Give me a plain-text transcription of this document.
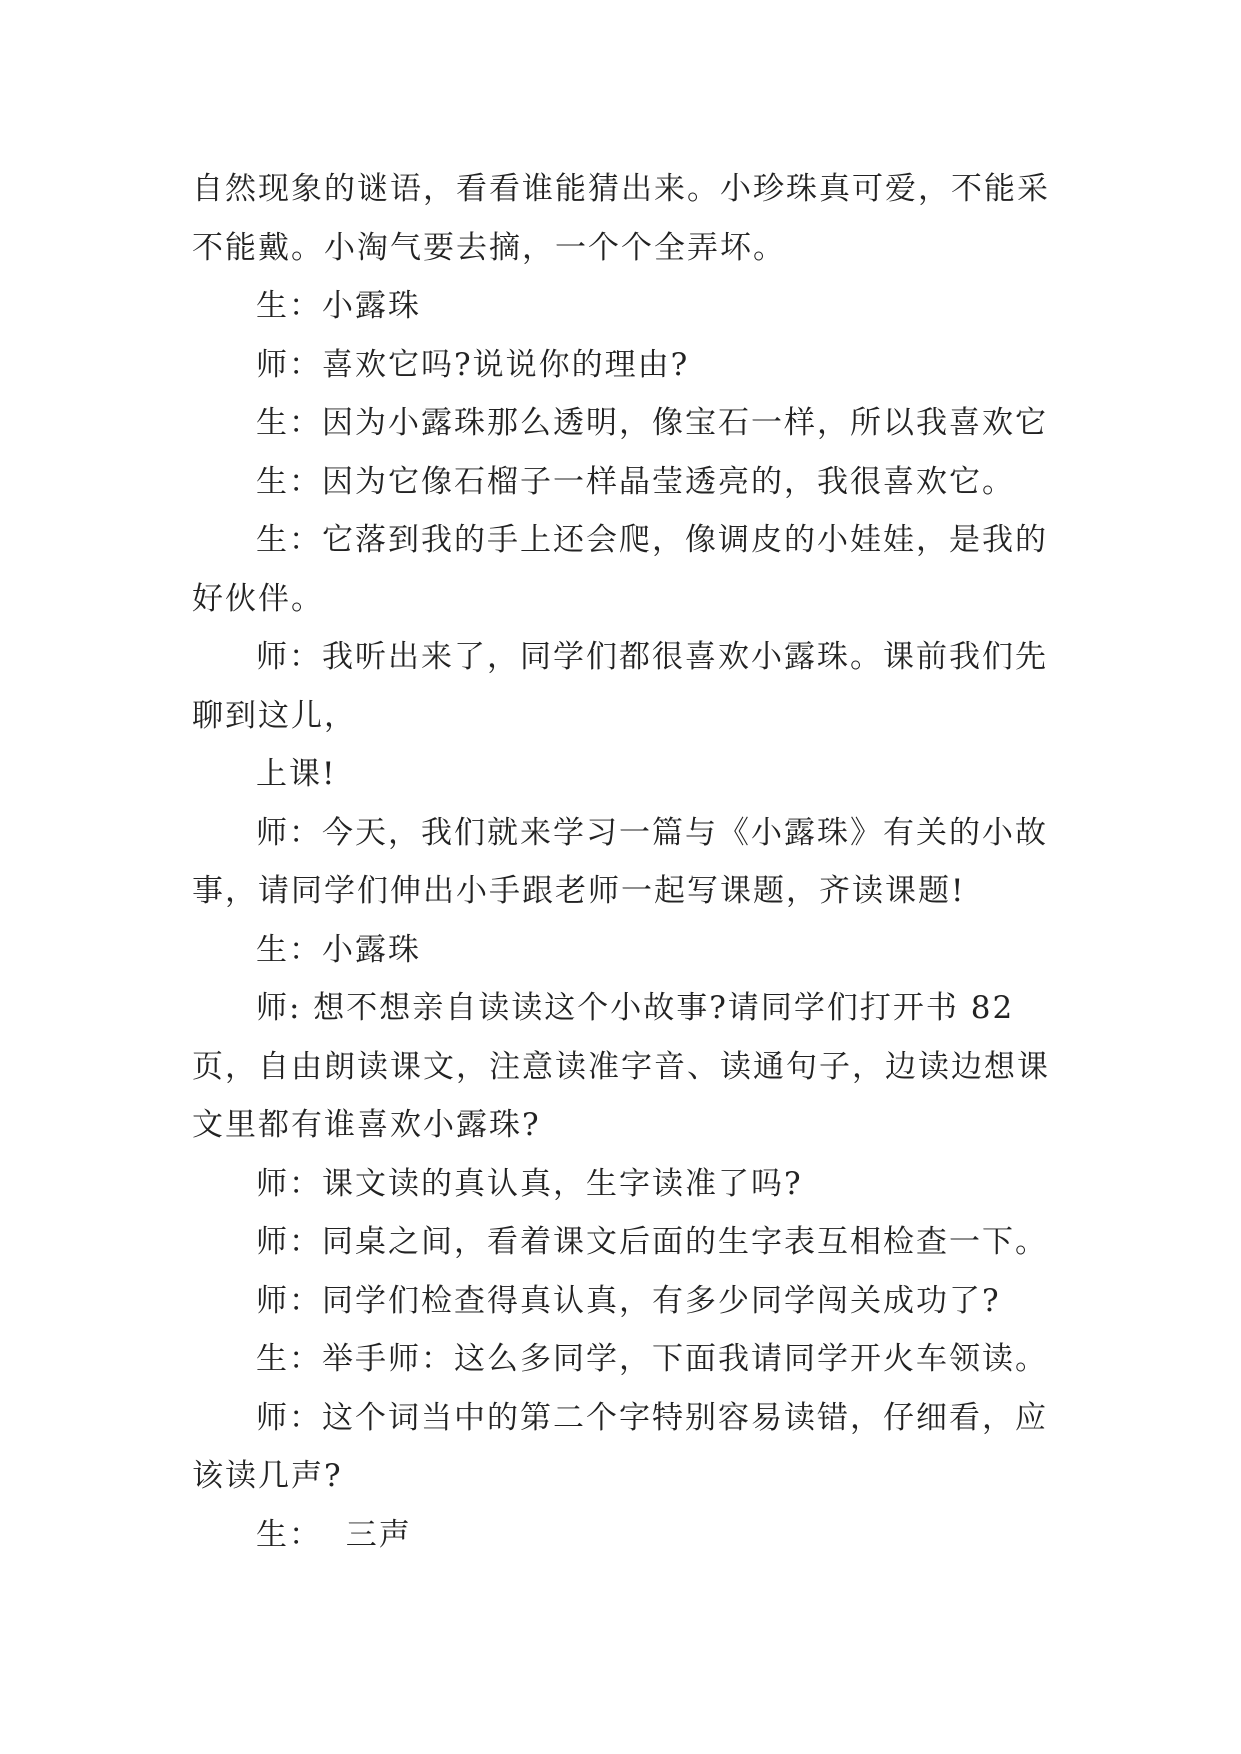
自然现象的谜语，看看谁能猜出来。小珍珠真可爱，不能采不能戴。小淘气要去摘，一个个全弄坏。

生：小露珠

师：喜欢它吗?说说你的理由?

生：因为小露珠那么透明，像宝石一样，所以我喜欢它

生：因为它像石榴子一样晶莹透亮的，我很喜欢它。

生：它落到我的手上还会爬，像调皮的小娃娃，是我的好伙伴。

师：我听出来了，同学们都很喜欢小露珠。课前我们先聊到这儿，

上课!

师：今天，我们就来学习一篇与《小露珠》有关的小故事，请同学们伸出小手跟老师一起写课题，齐读课题!

生：小露珠

师: 想不想亲自读读这个小故事?请同学们打开书 82 页，自由朗读课文，注意读准字音、读通句子，边读边想课文里都有谁喜欢小露珠?

师：课文读的真认真，生字读准了吗?

师：同桌之间，看着课文后面的生字表互相检查一下。

师：同学们检查得真认真，有多少同学闯关成功了?

生：举手师：这么多同学，下面我请同学开火车领读。

师：这个词当中的第二个字特别容易读错，仔细看，应该读几声?

生：  三声
